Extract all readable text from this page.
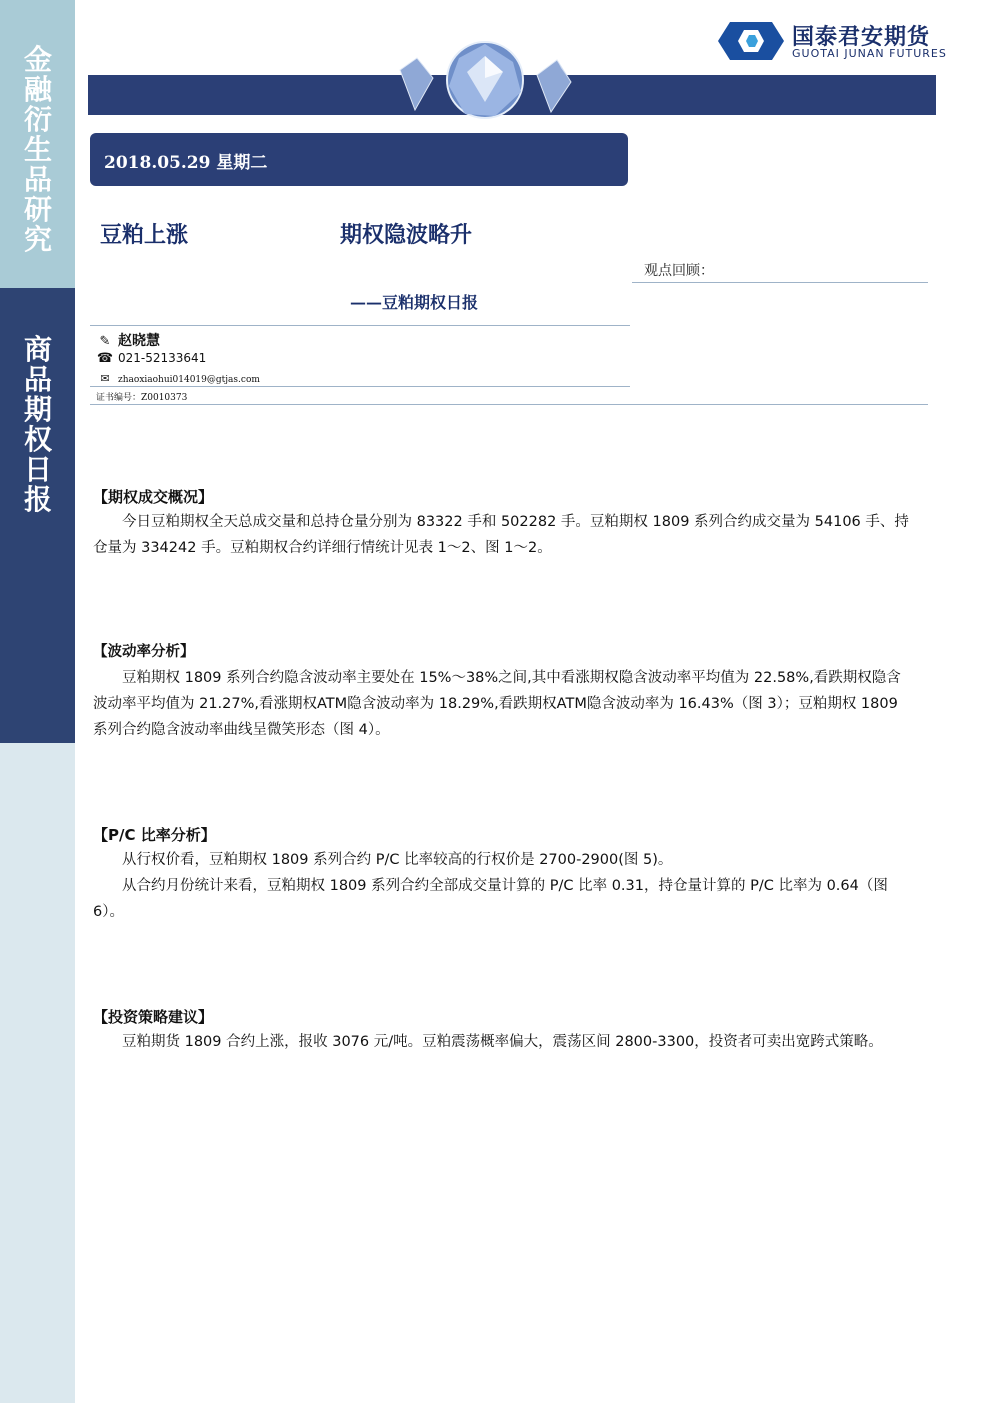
金
融
衍
生
品
研
究
商
品
期
权
日
报
国泰君安期货
GUOTAI JUNAN FUTURES
2018.05.29 星期二
豆粕上涨	期权隐波略升
观点回顾：
——豆粕期权日报
✎ 赵晓慧
☎ 021-52133641
✉ zhaoxiaohui014019@gtjas.com
证书编号：Z0010373
【期权成交概况】

今日豆粕期权全天总成交量和总持仓量分别为 83322 手和 502282 手。豆粕期权 1809 系列合约成交量为 54106 手、持仓量为 334242 手。豆粕期权合约详细行情统计见表 1～2、图 1～2。

【波动率分析】

豆粕期权 1809 系列合约隐含波动率主要处在 15%～38%之间,其中看涨期权隐含波动率平均值为 22.58%,看跌期权隐含波动率平均值为 21.27%,看涨期权ATM隐含波动率为 18.29%,看跌期权ATM隐含波动率为 16.43%（图 3）；豆粕期权 1809 系列合约隐含波动率曲线呈微笑形态（图 4）。

【P/C 比率分析】

从行权价看，豆粕期权 1809 系列合约 P/C 比率较高的行权价是 2700-2900(图 5)。

从合约月份统计来看，豆粕期权 1809 系列合约全部成交量计算的 P/C 比率 0.31，持仓量计算的 P/C 比率为 0.64（图 6）。

【投资策略建议】

豆粕期货 1809 合约上涨，报收 3076 元/吨。豆粕震荡概率偏大，震荡区间 2800-3300，投资者可卖出宽跨式策略。
